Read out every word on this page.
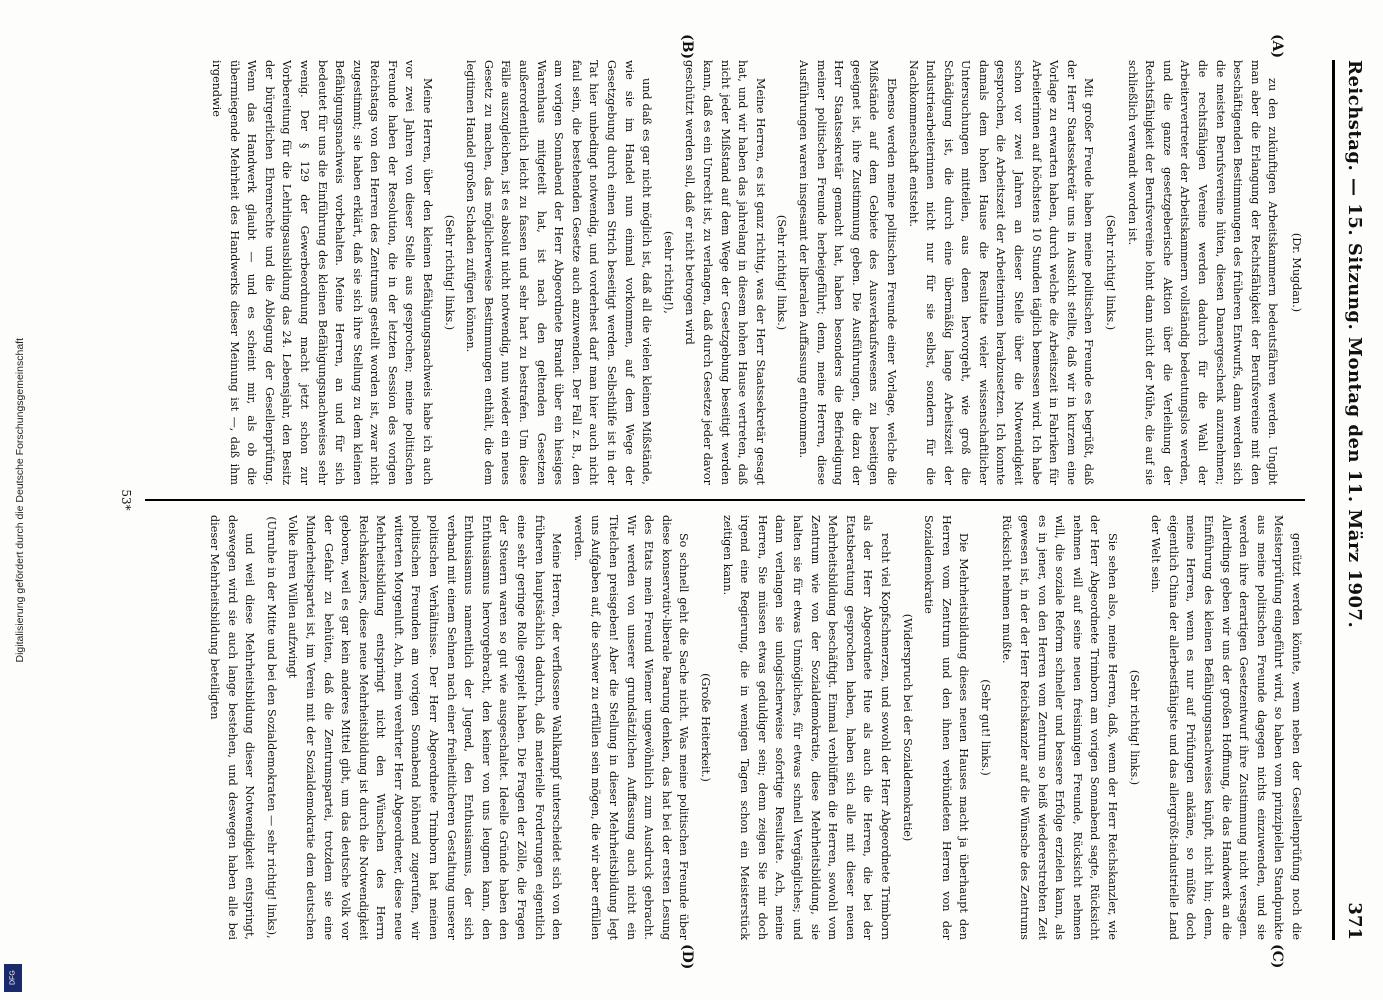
Reichstag. — 15. Sitzung. Montag den 11. März 1907.
371
(Dr. Mugdan.)

zu den zukünftigen Arbeitskammern bedeutsfähren werden. Ungibt man aber die Erlangung der Rechtsfähigkeit der Berufsvereine mit den beschäftigenden Bestimmungen des früheren Entwurfs, dann werden sich die meisten Berufsvereine hüten, diesen Danaergeschenk anzunehmen; die rechtsfähigen Vereine werden dadurch für die Wahl der Arbeitervertreter der Arbeitskammern vollständig bedeutungslos werden, und die ganze gesetzgeberische Aktion über die Verleihung der Rechtsfähigkeit der Berufsvereine lohnt dann nicht der Mühe, die auf sie schließlich verwandt worden ist.

(Sehr richtig! links.)

Mit großer Freude haben meine politischen Freunde es begrüßt, daß der Herr Staatssekretär uns in Aussicht stellte, daß wir in kurzem eine Vorlage zu erwarten haben, durch welche die Arbeitszeit in Fabriken für Arbeiterinnen auf höchstens 10 Stunden täglich bemessen wird. Ich habe schon vor zwei Jahren an dieser Stelle über die Notwendigkeit gesprochen, die Arbeitszeit der Arbeiterinnen herabzusetzen. Ich konnte damals dem hohen Hause die Resultate vieler wissenschaftlicher Untersuchungen mitteilen, aus denen hervorgeht, wie groß die Schädigung ist, die durch eine übermäßig lange Arbeitszeit der Industriearbeiterinnen nicht nur für sie selbst, sondern für die Nachkommenschaft entsteht.

Ebenso werden meine politischen Freunde einer Vorlage, welche die Mißstände auf dem Gebiete des Ausverkaufswesens zu beseitigen geeignet ist, ihre Zustimmung geben. Die Ausführungen, die dazu der Herr Staatssekretär gemacht hat, haben besonders die Befriedigung meiner politischen Freunde herbeigeführt; denn, meine Herren, diese Ausführungen waren insgesamt der liberalen Auffassung entnommen.

(Sehr richtig! links.)

Meine Herren, es ist ganz richtig, was der Herr Staatssekretär gesagt hat, und wir haben das jahrelang in diesem hohen Hause vertreten, daß nicht jeder Mißstand auf dem Wege der Gesetzgebung beseitigt werden kann, daß es ein Unrecht ist, zu verlangen, daß durch Gesetze jeder davor geschützt werden soll, daß er nicht betrogen wird

(sehr richtig!),

und daß es gar nicht möglich ist, daß all die vielen kleinen Mißstände, wie sie im Handel nun einmal vorkommen, auf dem Wege der Gesetzgebung durch einen Strich beseitigt werden. Selbsthilfe ist in der Tat hier unbedingt notwendig, und vorderhest darf man hier auch nicht faul sein, die bestehenden Gesetze auch anzuwenden. Der Fall z. B., den am vorigen Sonnabend der Herr Abgeordnete Brandt über ein hiesiges Warenhaus mitgeteilt hat, ist nach den geltenden Gesetzen außerordentlich leicht zu fassen und sehr hart zu bestrafen. Um diese Fälle auszugleichen, ist es absolut nicht notwendig, nun wieder ein neues Gesetz zu machen, das möglicherweise Bestimmungen enthält, die dem legitimen Handel großen Schaden zufügen können.

(Sehr richtig! links.)

Meine Herren, über den kleinen Befähigungsnachweis habe ich auch vor zwei Jahren von dieser Stelle aus gesprochen; meine politischen Freunde haben der Resolution, die in der letzten Session des vorigen Reichstags von den Herren des Zentrums gestellt worden ist, zwar nicht zugestimmt; sie haben erklärt, daß sie sich ihre Stellung zu dem kleinen Befähigungsnachweis vorbehalten. Meine Herren, an und für sich bedeutet für uns die Einführung des kleinen Befähigungsnachweises sehr wenig. Der § 129 der Gewerbeordnung macht jetzt schon zur Vorbereitung für die Lehrlingsausbildung das 24. Lebensjahr, den Besitz der bürgerlichen Ehrenrechte und die Ablegung der Gesellenprüfung. Wenn das Handwerk glaubt — und es scheint mir, als ob die übermiegende Mehrheit des Handwerks dieser Meinung ist —, daß ihm irgendwie

genützt werden könnte, wenn neben der Gesellenprüfung noch die Meisterprüfung eingeführt wird, so haben vom prinzipiellen Standpunkte aus meine politischen Freunde dagegen nichts einzuwenden, und sie werden ihre derartigen Gesetzentwurf ihre Zustimmung nicht versagen. Allerdings geben wir uns der großen Hoffnung, die das Handwerk an die Einführung des kleinen Befähigungsnachweises knüpft, nicht hin; denn, meine Herren, wenn es nur auf Prüfungen ankäme, so müßte doch eigentlich China der allerbestfähigste und das allergrößt-industrielle Land der Welt sein.

(Sehr richtig! links.)

Sie sehen also, meine Herren, daß, wenn der Herr Reichskanzler, wie der Herr Abgeordnete Trimborn am vorigen Sonnabend sagte, Rücksicht nehmen will auf seine neuen freisinnigen Freunde, Rücksicht nehmen will, die soziale Reform schneller und bessere Erfolge erzielen kann, als es in jener, von den Herren vom Zentrum so heiß wiedererstrebten Zeit gewesen ist, in der der Herr Reichskanzler auf die Wünsche des Zentrums Rücksicht nehmen mußte.

(Sehr gut! links.)

Die Mehrheitsbildung dieses neuen Hauses macht ja überhaupt den Herren vom Zentrum und den ihnen verbündeten Herren von der Sozialdemokratie

(Widerspruch bei der Sozialdemokratie)

recht viel Kopfschmerzen, und sowohl der Herr Abgeordnete Trimborn als der Herr Abgeordnete Hue als auch die Herren, die bei der Etatsberatung gesprochen haben, haben sich alle mit dieser neuen Mehrheitsbildung beschäftigt. Einmal verblüffen die Herren, sowohl vom Zentrum wie von der Sozialdemokratie, diese Mehrheitsbildung, sie halten sie für etwas Unmögliches, für etwas schnell Vergängliches; und dann verlangen sie unlogischerweise sofortige Resultate. Ach, meine Herren, Sie müssen etwas geduldiger sein; denn zeigen Sie mir doch irgend eine Regierung, die in wenigen Tagen schon ein Meisterstück zeitigen kann.

(Große Heiterkeit.)

So schnell geht die Sache nicht. Was meine politischen Freunde über diese konservativ-liberale Paarung denken, das hat bei der ersten Lesung des Etats mein Freund Wiemer ungewöhnlich zum Ausdruck gebracht. Wir werden von unserer grundsätzlichen Auffassung auch nicht ein Titelchen preisgeben! Aber die Stellung in dieser Mehrheitsbildung legt uns Aufgaben auf, die schwer zu erfüllen sein mögen, die wir aber erfüllen werden.

Meine Herren, der verflossene Wahlkampf unterscheidet sich von den früheren hauptsächlich dadurch, daß materielle Forderungen eigentlich eine sehr geringe Rolle gespielt haben. Die Fragen der Zölle, die Fragen der Steuern waren so gut wie ausgeschaltet. Ideelle Gründe haben den Enthusiasmus hervorgebracht, den keiner von uns leugnen kann, den Enthusiasmus namentlich der Jugend, den Enthusiasmus, der sich verband mit einem Sehnen nach einer freiheitlicheren Gestaltung unserer politischen Verhältnisse. Der Herr Abgeordnete Trimborn hat meinen politischen Freunden am vorigen Sonnabend höhnend zugerufen, wir witterten Morgenluft. Ach, mein verehrter Herr Abgeordneter, diese neue Mehrheitsbildung entspringt nicht den Wünschen des Herrn Reichskanzlers, diese neue Mehrheitsbildung ist durch die Notwendigkeit geboren, weil es gar kein anderes Mittel gibt, um das deutsche Volk vor der Gefahr zu behüten, daß die Zentrumspartei, trotzdem sie eine Minderheitspartei ist, im Verein mit der Sozialdemokratie dem deutschen Volke ihren Willen aufzwingt

(Unruhe in der Mitte und bei den Sozialdemokraten — sehr richtig! links),

und weil diese Mehrheitsbildung dieser Notwendigkeit entspringt, deswegen wird sie auch lange bestehen, und deswegen haben alle bei dieser Mehrheitsbildung beteiligten

(A)
(B)
(C)
(D)
53*
Digitalisierung gefördert durch die Deutsche Forschungsgemeinschaft
DFG
